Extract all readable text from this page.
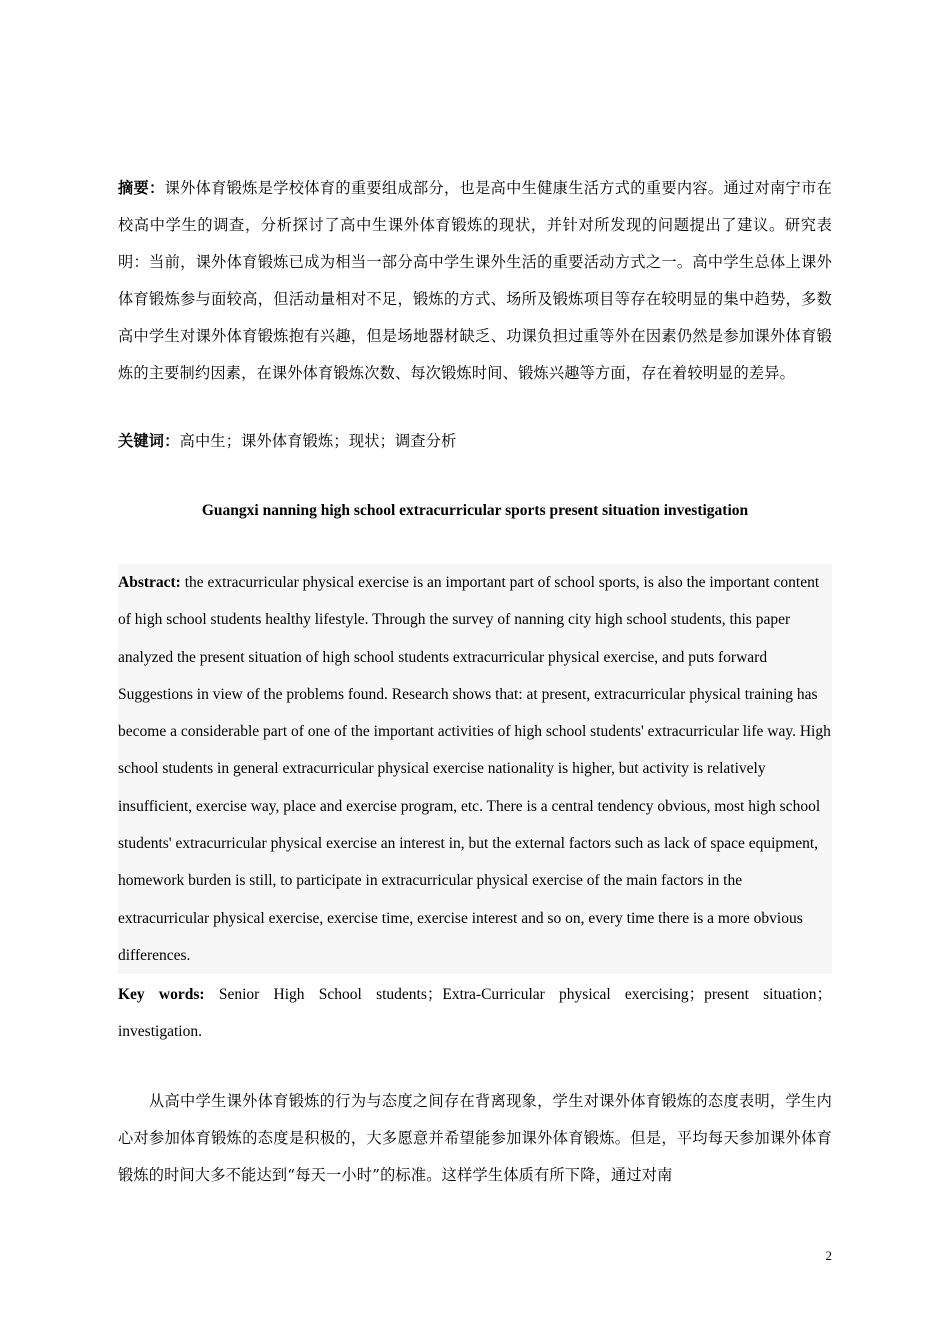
摘要：课外体育锻炼是学校体育的重要组成部分，也是高中生健康生活方式的重要内容。通过对南宁市在校高中学生的调查，分析探讨了高中生课外体育锻炼的现状，并针对所发现的问题提出了建议。研究表明：当前，课外体育锻炼已成为相当一部分高中学生课外生活的重要活动方式之一。高中学生总体上课外体育锻炼参与面较高，但活动量相对不足，锻炼的方式、场所及锻炼项目等存在较明显的集中趋势，多数高中学生对课外体育锻炼抱有兴趣，但是场地器材缺乏、功课负担过重等外在因素仍然是参加课外体育锻炼的主要制约因素，在课外体育锻炼次数、每次锻炼时间、锻炼兴趣等方面，存在着较明显的差异。

关键词：高中生；课外体育锻炼；现状；调查分析

Guangxi nanning high school extracurricular sports present situation investigation

Abstract: the extracurricular physical exercise is an important part of school sports, is also the important content of high school students healthy lifestyle. Through the survey of nanning city high school students, this paper analyzed the present situation of high school students extracurricular physical exercise, and puts forward Suggestions in view of the problems found. Research shows that: at present, extracurricular physical training has become a considerable part of one of the important activities of high school students' extracurricular life way. High school students in general extracurricular physical exercise nationality is higher, but activity is relatively insufficient, exercise way, place and exercise program, etc. There is a central tendency obvious, most high school students' extracurricular physical exercise an interest in, but the external factors such as lack of space equipment, homework burden is still, to participate in extracurricular physical exercise of the main factors in the extracurricular physical exercise, exercise time, exercise interest and so on, every time there is a more obvious differences.

Key words: Senior High School students；Extra-Curricular physical exercising；present situation；investigation.

从高中学生课外体育锻炼的行为与态度之间存在背离现象，学生对课外体育锻炼的态度表明，学生内心对参加体育锻炼的态度是积极的，大多愿意并希望能参加课外体育锻炼。但是，平均每天参加课外体育锻炼的时间大多不能达到“每天一小时”的标准。这样学生体质有所下降，通过对南

2
